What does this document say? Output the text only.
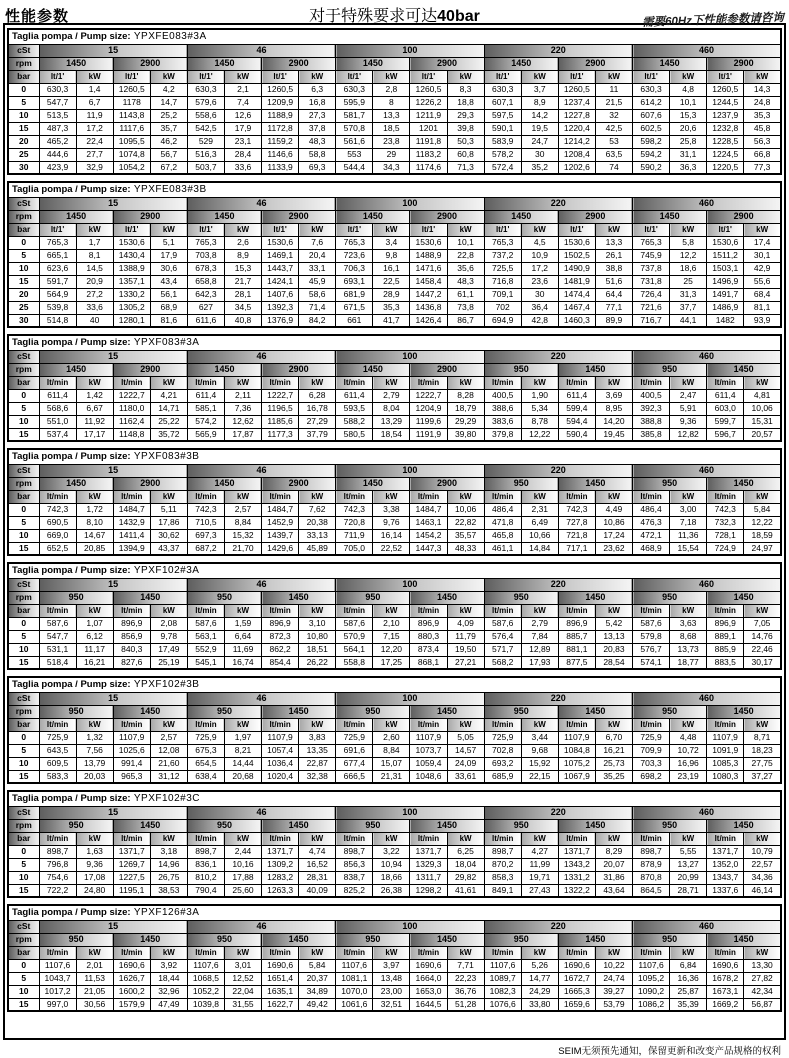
性能参数	对于特殊要求可达40bar	需要60Hz下性能参数请咨询
Taglia pompa / Pump size: YPXFE083#3A																				
cSt	15				46				100				220				460			
rpm	1450		2900		1450		2900		1450		2900		1450		2900		1450		2900	
bar	lt/1'	kW	lt/1'	kW	lt/1'	kW	lt/1'	kW	lt/1'	kW	lt/1'	kW	lt/1'	kW	lt/1'	kW	lt/1'	kW	lt/1'	kW
0	630,3	1,4	1260,5	4,2	630,3	2,1	1260,5	6,3	630,3	2,8	1260,5	8,3	630,3	3,7	1260,5	11	630,3	4,8	1260,5	14,3
5	547,7	6,7	1178	14,7	579,6	7,4	1209,9	16,8	595,9	8	1226,2	18,8	607,1	8,9	1237,4	21,5	614,2	10,1	1244,5	24,8
10	513,5	11,9	1143,8	25,2	558,6	12,6	1188,9	27,3	581,7	13,3	1211,9	29,3	597,5	14,2	1227,8	32	607,6	15,3	1237,9	35,3
15	487,3	17,2	1117,6	35,7	542,5	17,9	1172,8	37,8	570,8	18,5	1201	39,8	590,1	19,5	1220,4	42,5	602,5	20,6	1232,8	45,8
20	465,2	22,4	1095,5	46,2	529	23,1	1159,2	48,3	561,6	23,8	1191,8	50,3	583,9	24,7	1214,2	53	598,2	25,8	1228,5	56,3
25	444,6	27,7	1074,8	56,7	516,3	28,4	1146,6	58,8	553	29	1183,2	60,8	578,2	30	1208,4	63,5	594,2	31,1	1224,5	66,8
30	423,9	32,9	1054,2	67,2	503,7	33,6	1133,9	69,3	544,4	34,3	1174,6	71,3	572,4	35,2	1202,6	74	590,2	36,3	1220,5	77,3
Taglia pompa / Pump size: YPXFE083#3B																				
cSt	15				46				100				220				460			
rpm	1450		2900		1450		2900		1450		2900		1450		2900		1450		2900	
bar	lt/1'	kW	lt/1'	kW	lt/1'	kW	lt/1'	kW	lt/1'	kW	lt/1'	kW	lt/1'	kW	lt/1'	kW	lt/1'	kW	lt/1'	kW
0	765,3	1,7	1530,6	5,1	765,3	2,6	1530,6	7,6	765,3	3,4	1530,6	10,1	765,3	4,5	1530,6	13,3	765,3	5,8	1530,6	17,4
5	665,1	8,1	1430,4	17,9	703,8	8,9	1469,1	20,4	723,6	9,8	1488,9	22,8	737,2	10,9	1502,5	26,1	745,9	12,2	1511,2	30,1
10	623,6	14,5	1388,9	30,6	678,3	15,3	1443,7	33,1	706,3	16,1	1471,6	35,6	725,5	17,2	1490,9	38,8	737,8	18,6	1503,1	42,9
15	591,7	20,9	1357,1	43,4	658,8	21,7	1424,1	45,9	693,1	22,5	1458,4	48,3	716,8	23,6	1481,9	51,6	731,8	25	1496,9	55,6
20	564,9	27,2	1330,2	56,1	642,3	28,1	1407,6	58,6	681,9	28,9	1447,2	61,1	709,1	30	1474,4	64,4	726,4	31,3	1491,7	68,4
25	539,8	33,6	1305,2	68,9	627	34,5	1392,3	71,4	671,5	35,3	1436,8	73,8	702	36,4	1467,4	77,1	721,6	37,7	1486,9	81,1
30	514,8	40	1280,1	81,6	611,6	40,8	1376,9	84,2	661	41,7	1426,4	86,7	694,9	42,8	1460,3	89,9	716,7	44,1	1482	93,9
Taglia pompa / Pump size: YPXF083#3A																				
cSt	15				46				100				220				460			
rpm	1450		2900		1450		2900		1450		2900		950		1450		950		1450	
bar	lt/min	kW	lt/min	kW	lt/min	kW	lt/min	kW	lt/min	kW	lt/min	kW	lt/min	kW	lt/min	kW	lt/min	kW	lt/min	kW
0	611,4	1,42	1222,7	4,21	611,4	2,11	1222,7	6,28	611,4	2,79	1222,7	8,28	400,5	1,90	611,4	3,69	400,5	2,47	611,4	4,81
5	568,6	6,67	1180,0	14,71	585,1	7,36	1196,5	16,78	593,5	8,04	1204,9	18,79	388,6	5,34	599,4	8,95	392,3	5,91	603,0	10,06
10	551,0	11,92	1162,4	25,22	574,2	12,62	1185,6	27,29	588,2	13,29	1199,6	29,29	383,6	8,78	594,4	14,20	388,8	9,36	599,7	15,31
15	537,4	17,17	1148,8	35,72	565,9	17,87	1177,3	37,79	580,5	18,54	1191,9	39,80	379,8	12,22	590,4	19,45	385,8	12,82	596,7	20,57
Taglia pompa / Pump size: YPXF083#3B																				
cSt	15				46				100				220				460			
rpm	1450		2900		1450		2900		1450		2900		950		1450		950		1450	
bar	lt/min	kW	lt/min	kW	lt/min	kW	lt/min	kW	lt/min	kW	lt/min	kW	lt/min	kW	lt/min	kW	lt/min	kW	lt/min	kW
0	742,3	1,72	1484,7	5,11	742,3	2,57	1484,7	7,62	742,3	3,38	1484,7	10,06	486,4	2,31	742,3	4,49	486,4	3,00	742,3	5,84
5	690,5	8,10	1432,9	17,86	710,5	8,84	1452,9	20,38	720,8	9,76	1463,1	22,82	471,8	6,49	727,8	10,86	476,3	7,18	732,3	12,22
10	669,0	14,67	1411,4	30,62	697,3	15,32	1439,7	33,13	711,9	16,14	1454,2	35,57	465,8	10,66	721,8	17,24	472,1	11,36	728,1	18,59
15	652,5	20,85	1394,9	43,37	687,2	21,70	1429,6	45,89	705,0	22,52	1447,3	48,33	461,1	14,84	717,1	23,62	468,9	15,54	724,9	24,97
Taglia pompa / Pump size: YPXF102#3A																				
cSt	15				46				100				220				460			
rpm	950		1450		950		1450		950		1450		950		1450		950		1450	
bar	lt/min	kW	lt/min	kW	lt/min	kW	lt/min	kW	lt/min	kW	lt/min	kW	lt/min	kW	lt/min	kW	lt/min	kW	lt/min	kW
0	587,6	1,07	896,9	2,08	587,6	1,59	896,9	3,10	587,6	2,10	896,9	4,09	587,6	2,79	896,9	5,42	587,6	3,63	896,9	7,05
5	547,7	6,12	856,9	9,78	563,1	6,64	872,3	10,80	570,9	7,15	880,3	11,79	576,4	7,84	885,7	13,13	579,8	8,68	889,1	14,76
10	531,1	11,17	840,3	17,49	552,9	11,69	862,2	18,51	564,1	12,20	873,4	19,50	571,7	12,89	881,1	20,83	576,7	13,73	885,9	22,46
15	518,4	16,21	827,6	25,19	545,1	16,74	854,4	26,22	558,8	17,25	868,1	27,21	568,2	17,93	877,5	28,54	574,1	18,77	883,5	30,17
Taglia pompa / Pump size: YPXF102#3B																				
cSt	15				46				100				220				460			
rpm	950		1450		950		1450		950		1450		950		1450		950		1450	
bar	lt/min	kW	lt/min	kW	lt/min	kW	lt/min	kW	lt/min	kW	lt/min	kW	lt/min	kW	lt/min	kW	lt/min	kW	lt/min	kW
0	725,9	1,32	1107,9	2,57	725,9	1,97	1107,9	3,83	725,9	2,60	1107,9	5,05	725,9	3,44	1107,9	6,70	725,9	4,48	1107,9	8,71
5	643,5	7,56	1025,6	12,08	675,3	8,21	1057,4	13,35	691,6	8,84	1073,7	14,57	702,8	9,68	1084,8	16,21	709,9	10,72	1091,9	18,23
10	609,5	13,79	991,4	21,60	654,5	14,44	1036,4	22,87	677,4	15,07	1059,4	24,09	693,2	15,92	1075,2	25,73	703,3	16,96	1085,3	27,75
15	583,3	20,03	965,3	31,12	638,4	20,68	1020,4	32,38	666,5	21,31	1048,6	33,61	685,9	22,15	1067,9	35,25	698,2	23,19	1080,3	37,27
Taglia pompa / Pump size: YPXF102#3C																				
cSt	15				46				100				220				460			
rpm	950		1450		950		1450		950		1450		950		1450		950		1450	
bar	lt/min	kW	lt/min	kW	lt/min	kW	lt/min	kW	lt/min	kW	lt/min	kW	lt/min	kW	lt/min	kW	lt/min	kW	lt/min	kW
0	898,7	1,63	1371,7	3,18	898,7	2,44	1371,7	4,74	898,7	3,22	1371,7	6,25	898,7	4,27	1371,7	8,29	898,7	5,55	1371,7	10,79
5	796,8	9,36	1269,7	14,96	836,1	10,16	1309,2	16,52	856,3	10,94	1329,3	18,04	870,2	11,99	1343,2	20,07	878,9	13,27	1352,0	22,57
10	754,6	17,08	1227,5	26,75	810,2	17,88	1283,2	28,31	838,7	18,66	1311,7	29,82	858,3	19,71	1331,2	31,86	870,8	20,99	1343,7	34,36
15	722,2	24,80	1195,1	38,53	790,4	25,60	1263,3	40,09	825,2	26,38	1298,2	41,61	849,1	27,43	1322,2	43,64	864,5	28,71	1337,6	46,14
Taglia pompa / Pump size: YPXF126#3A																				
cSt	15				46				100				220				460			
rpm	950		1450		950		1450		950		1450		950		1450		950		1450	
bar	lt/min	kW	lt/min	kW	lt/min	kW	lt/min	kW	lt/min	kW	lt/min	kW	lt/min	kW	lt/min	kW	lt/min	kW	lt/min	kW
0	1107,6	2,01	1690,6	3,92	1107,6	3,01	1690,6	5,84	1107,6	3,97	1690,6	7,71	1107,6	5,26	1690,6	10,22	1107,6	6,84	1690,6	13,30
5	1043,7	11,53	1626,7	18,44	1068,5	12,52	1651,4	20,37	1081,1	13,48	1664,0	22,23	1089,7	14,77	1672,7	24,74	1095,2	16,36	1678,2	27,82
10	1017,2	21,05	1600,2	32,96	1052,2	22,04	1635,1	34,89	1070,0	23,00	1653,0	36,76	1082,3	24,29	1665,3	39,27	1090,2	25,87	1673,1	42,34
15	997,0	30,56	1579,9	47,49	1039,8	31,55	1622,7	49,42	1061,6	32,51	1644,5	51,28	1076,6	33,80	1659,6	53,79	1086,2	35,39	1669,2	56,87
SEIM无须预先通知，保留更新和改变产品规格的权利
